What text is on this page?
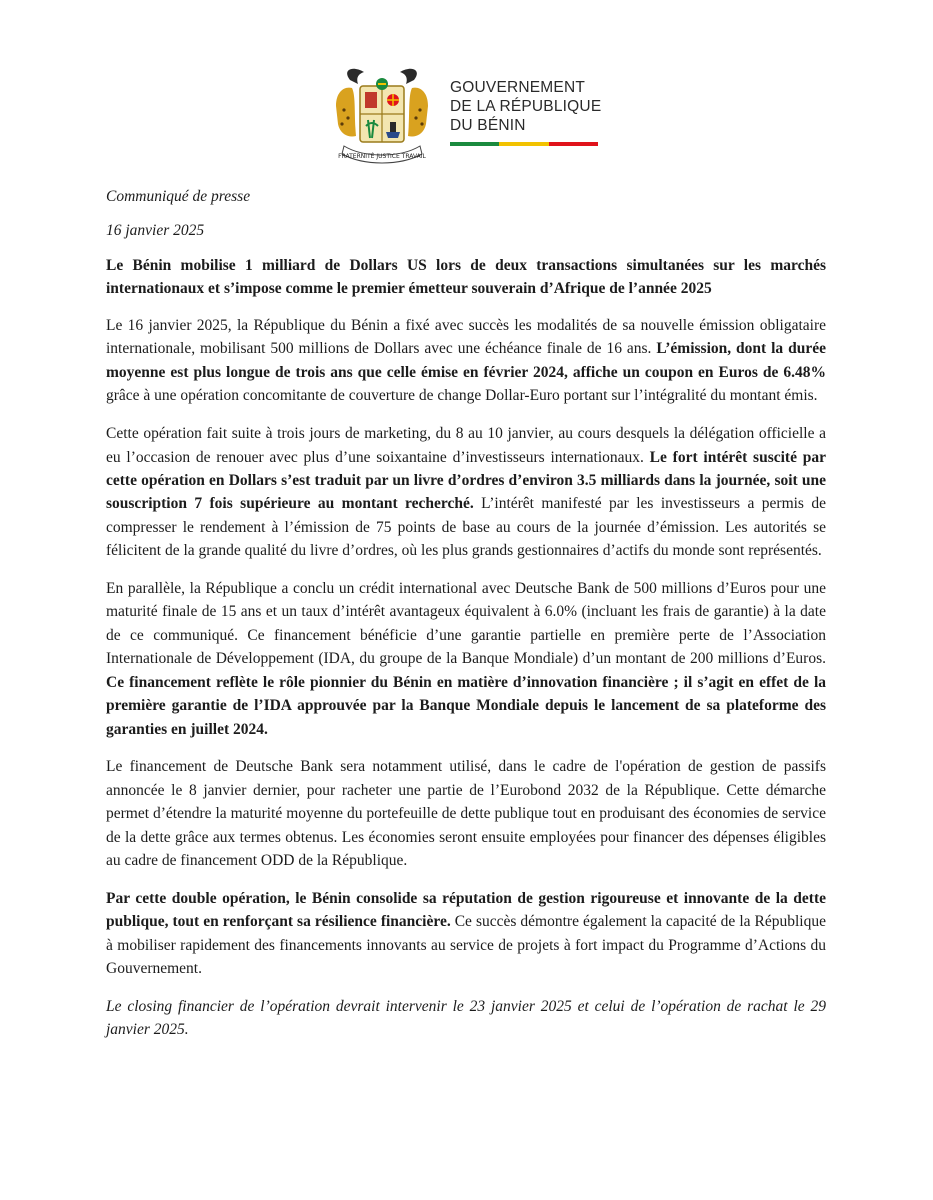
FRATERNITÉ JUSTICE TRAVAIL
GOUVERNEMENT
DE LA RÉPUBLIQUE
DU BÉNIN
Communiqué de presse
16 janvier 2025
Le Bénin mobilise 1 milliard de Dollars US lors de deux transactions simultanées sur les marchés internationaux et s’impose comme le premier émetteur souverain d’Afrique de l’année 2025

Le 16 janvier 2025, la République du Bénin a fixé avec succès les modalités de sa nouvelle émission obligataire internationale, mobilisant 500 millions de Dollars avec une échéance finale de 16 ans. L’émission, dont la durée moyenne est plus longue de trois ans que celle émise en février 2024, affiche un coupon en Euros de 6.48% grâce à une opération concomitante de couverture de change Dollar-Euro portant sur l’intégralité du montant émis.

Cette opération fait suite à trois jours de marketing, du 8 au 10 janvier, au cours desquels la délégation officielle a eu l’occasion de renouer avec plus d’une soixantaine d’investisseurs internationaux. Le fort intérêt suscité par cette opération en Dollars s’est traduit par un livre d’ordres d’environ 3.5 milliards dans la journée, soit une souscription 7 fois supérieure au montant recherché. L’intérêt manifesté par les investisseurs a permis de compresser le rendement à l’émission de 75 points de base au cours de la journée d’émission. Les autorités se félicitent de la grande qualité du livre d’ordres, où les plus grands gestionnaires d’actifs du monde sont représentés.

En parallèle, la République a conclu un crédit international avec Deutsche Bank de 500 millions d’Euros pour une maturité finale de 15 ans et un taux d’intérêt avantageux équivalent à 6.0% (incluant les frais de garantie) à la date de ce communiqué. Ce financement bénéficie d’une garantie partielle en première perte de l’Association Internationale de Développement (IDA, du groupe de la Banque Mondiale) d’un montant de 200 millions d’Euros. Ce financement reflète le rôle pionnier du Bénin en matière d’innovation financière ; il s’agit en effet de la première garantie de l’IDA approuvée par la Banque Mondiale depuis le lancement de sa plateforme des garanties en juillet 2024.

Le financement de Deutsche Bank sera notamment utilisé, dans le cadre de l'opération de gestion de passifs annoncée le 8 janvier dernier, pour racheter une partie de l’Eurobond 2032 de la République. Cette démarche permet d’étendre la maturité moyenne du portefeuille de dette publique tout en produisant des économies de service de la dette grâce aux termes obtenus. Les économies seront ensuite employées pour financer des dépenses éligibles au cadre de financement ODD de la République.

Par cette double opération, le Bénin consolide sa réputation de gestion rigoureuse et innovante de la dette publique, tout en renforçant sa résilience financière. Ce succès démontre également la capacité de la République à mobiliser rapidement des financements innovants au service de projets à fort impact du Programme d’Actions du Gouvernement.

Le closing financier de l’opération devrait intervenir le 23 janvier 2025 et celui de l’opération de rachat le 29 janvier 2025.
